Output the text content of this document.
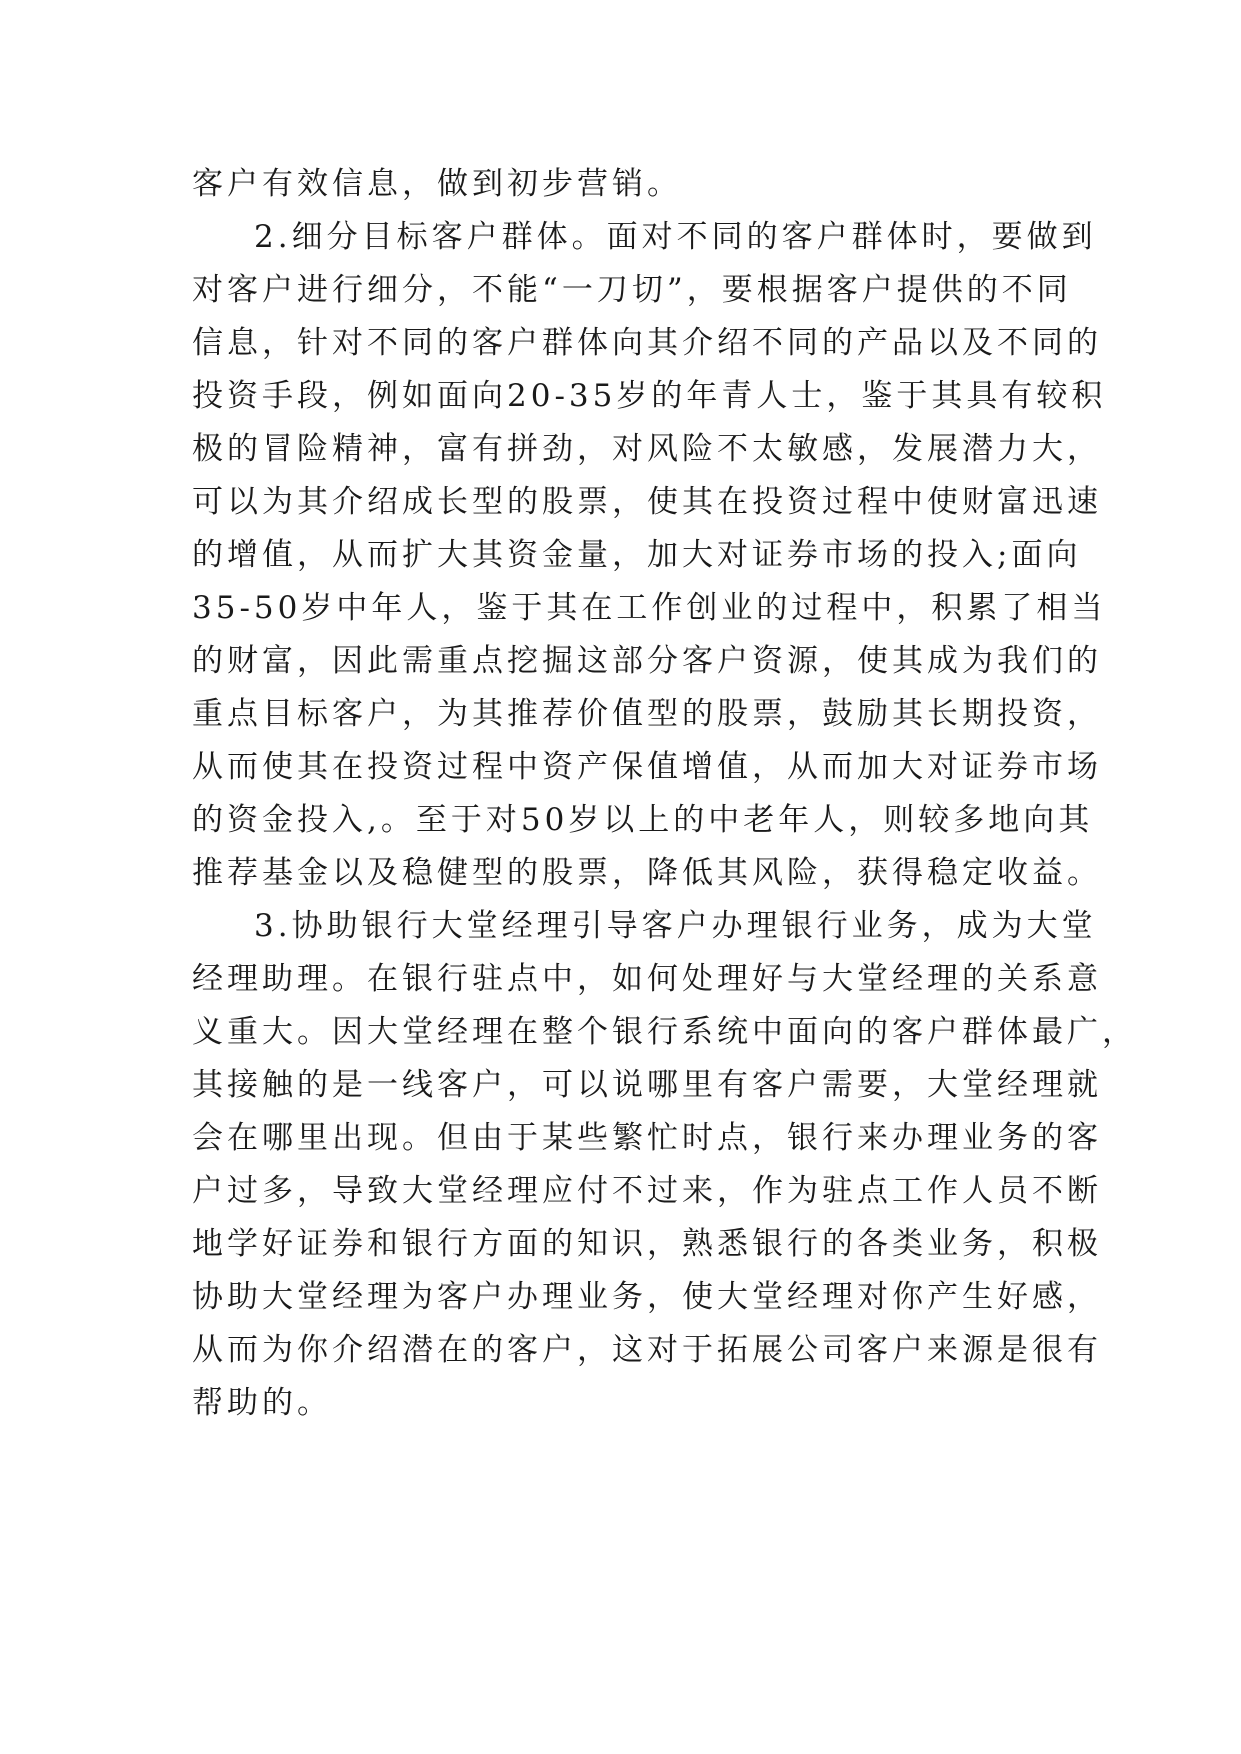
客户有效信息，做到初步营销。
2.细分目标客户群体。面对不同的客户群体时，要做到
对客户进行细分，不能“一刀切”，要根据客户提供的不同
信息，针对不同的客户群体向其介绍不同的产品以及不同的
投资手段，例如面向20-35岁的年青人士，鉴于其具有较积
极的冒险精神，富有拼劲，对风险不太敏感，发展潜力大，
可以为其介绍成长型的股票，使其在投资过程中使财富迅速
的增值，从而扩大其资金量，加大对证券市场的投入;面向
35-50岁中年人，鉴于其在工作创业的过程中，积累了相当
的财富，因此需重点挖掘这部分客户资源，使其成为我们的
重点目标客户，为其推荐价值型的股票，鼓励其长期投资，
从而使其在投资过程中资产保值增值，从而加大对证券市场
的资金投入,。至于对50岁以上的中老年人，则较多地向其
推荐基金以及稳健型的股票，降低其风险，获得稳定收益。
3.协助银行大堂经理引导客户办理银行业务，成为大堂
经理助理。在银行驻点中，如何处理好与大堂经理的关系意
义重大。因大堂经理在整个银行系统中面向的客户群体最广，
其接触的是一线客户，可以说哪里有客户需要，大堂经理就
会在哪里出现。但由于某些繁忙时点，银行来办理业务的客
户过多，导致大堂经理应付不过来，作为驻点工作人员不断
地学好证券和银行方面的知识，熟悉银行的各类业务，积极
协助大堂经理为客户办理业务，使大堂经理对你产生好感，
从而为你介绍潜在的客户，这对于拓展公司客户来源是很有
帮助的。
